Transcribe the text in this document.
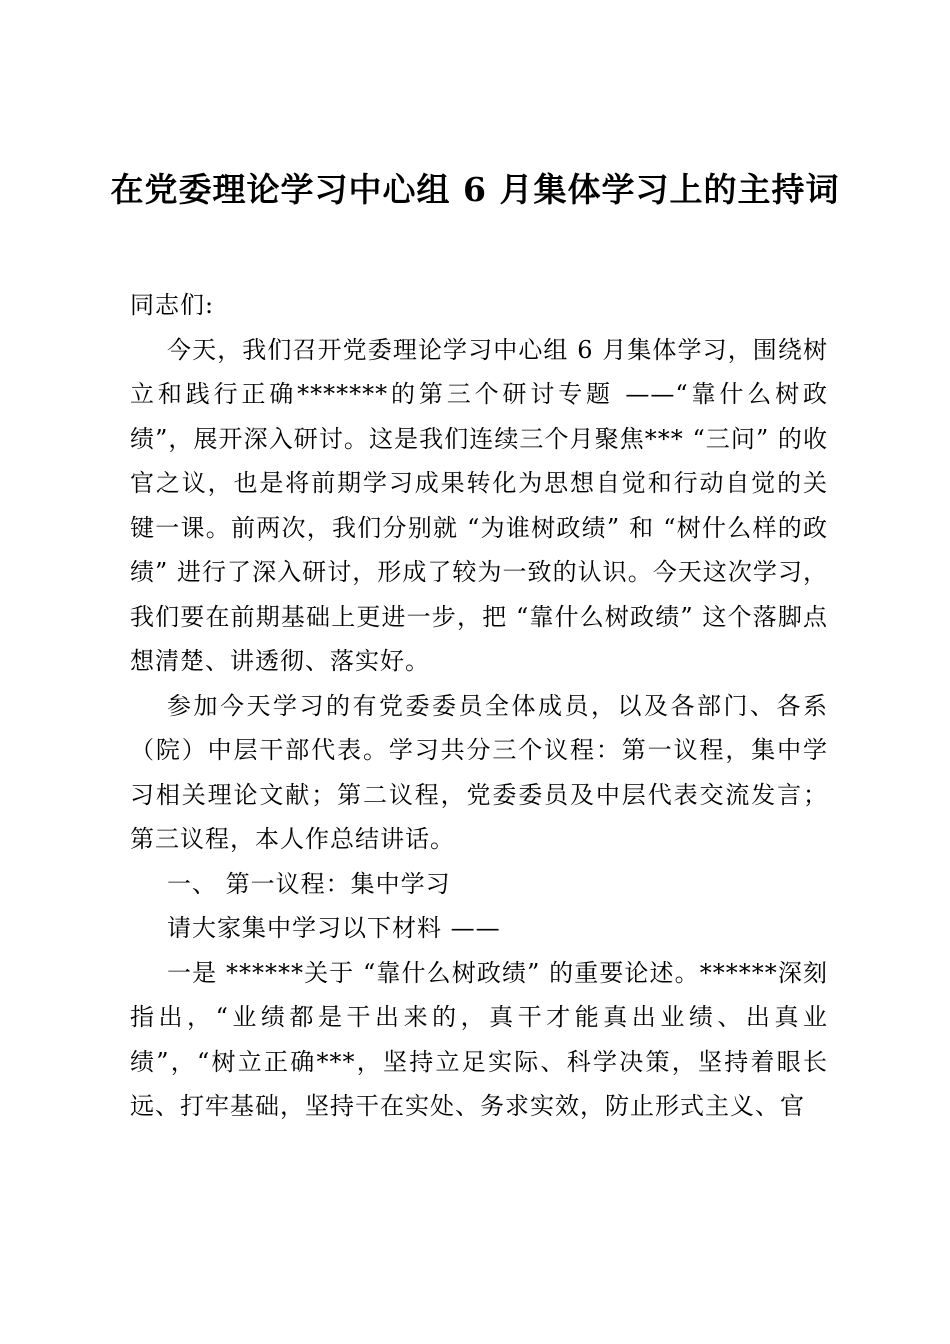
在党委理论学习中心组 6 月集体学习上的主持词

同志们:

今天，我们召开党委理论学习中心组 6 月集体学习，围绕树立和践行正确*******的第三个研讨专题 ——“靠什么树政绩”，展开深入研讨。这是我们连续三个月聚焦*** “三问” 的收官之议，也是将前期学习成果转化为思想自觉和行动自觉的关键一课。前两次，我们分别就 “为谁树政绩” 和 “树什么样的政绩” 进行了深入研讨，形成了较为一致的认识。今天这次学习，我们要在前期基础上更进一步，把 “靠什么树政绩” 这个落脚点想清楚、讲透彻、落实好。

参加今天学习的有党委委员全体成员，以及各部门、各系（院）中层干部代表。学习共分三个议程：第一议程，集中学习相关理论文献；第二议程，党委委员及中层代表交流发言；第三议程，本人作总结讲话。

一、 第一议程：集中学习

请大家集中学习以下材料 ——

一是 ******关于 “靠什么树政绩” 的重要论述。******深刻指出，“业绩都是干出来的，真干才能真出业绩、出真业绩”，“树立正确***，坚持立足实际、科学决策，坚持着眼长远、打牢基础，坚持干在实处、务求实效，防止形式主义、官
